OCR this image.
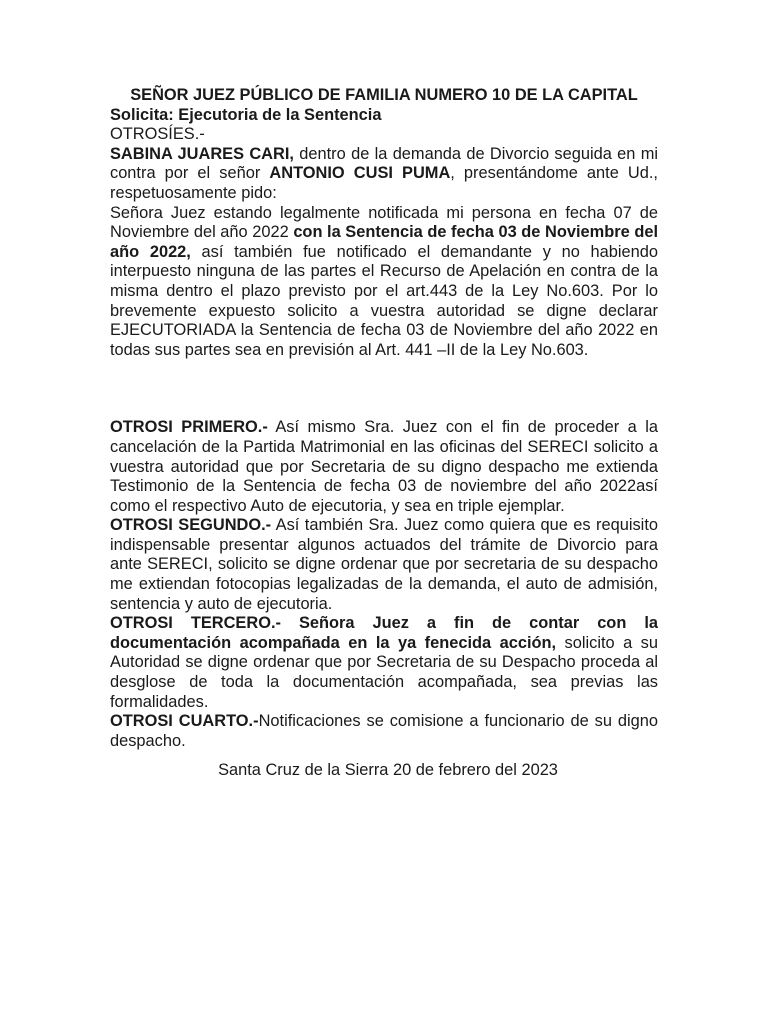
SEÑOR JUEZ PÚBLICO DE FAMILIA NUMERO 10 DE LA CAPITAL

Solicita: Ejecutoria de la Sentencia

OTROSÍES.-

SABINA JUARES CARI, dentro de la demanda de Divorcio seguida en mi contra por el señor ANTONIO CUSI PUMA, presentándome ante Ud., respetuosamente pido:

Señora Juez estando legalmente notificada mi persona en fecha 07 de Noviembre del año 2022 con la Sentencia de fecha 03 de Noviembre del año 2022, así también fue notificado el demandante y no habiendo interpuesto ninguna de las partes el Recurso de Apelación en contra de la misma dentro el plazo previsto por el art.443 de la Ley No.603. Por lo brevemente expuesto solicito a vuestra autoridad se digne declarar EJECUTORIADA la Sentencia de fecha 03 de Noviembre del año 2022 en todas sus partes sea en previsión al Art. 441 –II de la Ley No.603.

OTROSI PRIMERO.- Así mismo Sra. Juez con el fin de proceder a la cancelación de la Partida Matrimonial en las oficinas del SERECI solicito a vuestra autoridad que por Secretaria de su digno despacho me extienda Testimonio de la Sentencia de fecha 03 de noviembre del año 2022así como el respectivo Auto de ejecutoria, y sea en triple ejemplar.

OTROSI SEGUNDO.- Así también Sra. Juez como quiera que es requisito indispensable presentar algunos actuados del trámite de Divorcio para ante SERECI, solicito se digne ordenar que por secretaria de su despacho me extiendan fotocopias legalizadas de la demanda, el auto de admisión, sentencia y auto de ejecutoria.

OTROSI TERCERO.- Señora Juez a fin de contar con la documentación acompañada en la ya fenecida acción, solicito a su Autoridad se digne ordenar que por Secretaria de su Despacho proceda al desglose de toda la documentación acompañada, sea previas las formalidades.

OTROSI CUARTO.-Notificaciones se comisione a funcionario de su digno despacho.

Santa Cruz de la Sierra 20 de febrero del 2023
